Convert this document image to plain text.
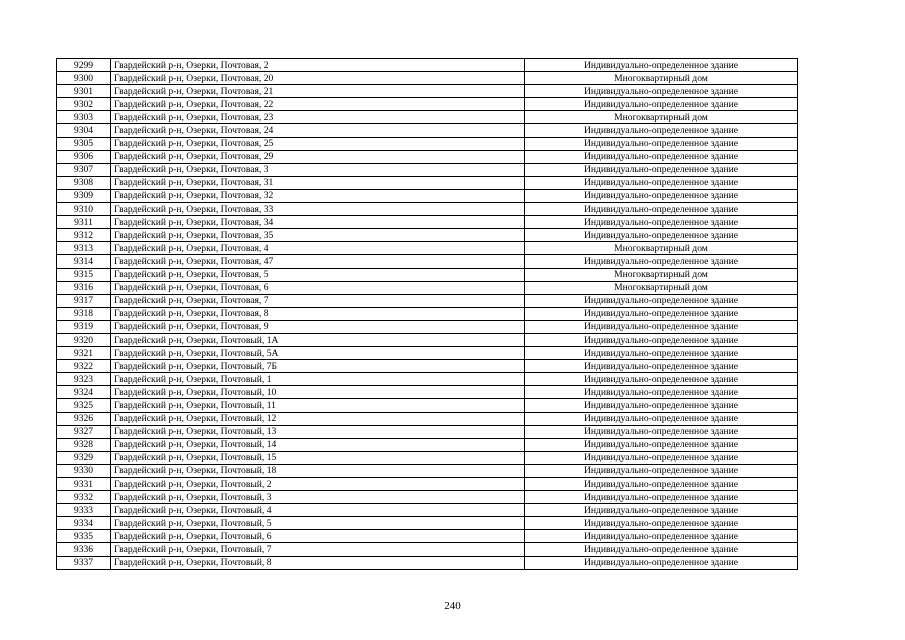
9299	Гвардейский р-н, Озерки, Почтовая, 2	Индивидуально-определенное здание
9300	Гвардейский р-н, Озерки, Почтовая, 20	Многоквартирный дом
9301	Гвардейский р-н, Озерки, Почтовая, 21	Индивидуально-определенное здание
9302	Гвардейский р-н, Озерки, Почтовая, 22	Индивидуально-определенное здание
9303	Гвардейский р-н, Озерки, Почтовая, 23	Многоквартирный дом
9304	Гвардейский р-н, Озерки, Почтовая, 24	Индивидуально-определенное здание
9305	Гвардейский р-н, Озерки, Почтовая, 25	Индивидуально-определенное здание
9306	Гвардейский р-н, Озерки, Почтовая, 29	Индивидуально-определенное здание
9307	Гвардейский р-н, Озерки, Почтовая, 3	Индивидуально-определенное здание
9308	Гвардейский р-н, Озерки, Почтовая, 31	Индивидуально-определенное здание
9309	Гвардейский р-н, Озерки, Почтовая, 32	Индивидуально-определенное здание
9310	Гвардейский р-н, Озерки, Почтовая, 33	Индивидуально-определенное здание
9311	Гвардейский р-н, Озерки, Почтовая, 34	Индивидуально-определенное здание
9312	Гвардейский р-н, Озерки, Почтовая, 35	Индивидуально-определенное здание
9313	Гвардейский р-н, Озерки, Почтовая, 4	Многоквартирный дом
9314	Гвардейский р-н, Озерки, Почтовая, 47	Индивидуально-определенное здание
9315	Гвардейский р-н, Озерки, Почтовая, 5	Многоквартирный дом
9316	Гвардейский р-н, Озерки, Почтовая, 6	Многоквартирный дом
9317	Гвардейский р-н, Озерки, Почтовая, 7	Индивидуально-определенное здание
9318	Гвардейский р-н, Озерки, Почтовая, 8	Индивидуально-определенное здание
9319	Гвардейский р-н, Озерки, Почтовая, 9	Индивидуально-определенное здание
9320	Гвардейский р-н, Озерки, Почтовый, 1А	Индивидуально-определенное здание
9321	Гвардейский р-н, Озерки, Почтовый, 5А	Индивидуально-определенное здание
9322	Гвардейский р-н, Озерки, Почтовый, 7Б	Индивидуально-определенное здание
9323	Гвардейский р-н, Озерки, Почтовый, 1	Индивидуально-определенное здание
9324	Гвардейский р-н, Озерки, Почтовый, 10	Индивидуально-определенное здание
9325	Гвардейский р-н, Озерки, Почтовый, 11	Индивидуально-определенное здание
9326	Гвардейский р-н, Озерки, Почтовый, 12	Индивидуально-определенное здание
9327	Гвардейский р-н, Озерки, Почтовый, 13	Индивидуально-определенное здание
9328	Гвардейский р-н, Озерки, Почтовый, 14	Индивидуально-определенное здание
9329	Гвардейский р-н, Озерки, Почтовый, 15	Индивидуально-определенное здание
9330	Гвардейский р-н, Озерки, Почтовый, 18	Индивидуально-определенное здание
9331	Гвардейский р-н, Озерки, Почтовый, 2	Индивидуально-определенное здание
9332	Гвардейский р-н, Озерки, Почтовый, 3	Индивидуально-определенное здание
9333	Гвардейский р-н, Озерки, Почтовый, 4	Индивидуально-определенное здание
9334	Гвардейский р-н, Озерки, Почтовый, 5	Индивидуально-определенное здание
9335	Гвардейский р-н, Озерки, Почтовый, 6	Индивидуально-определенное здание
9336	Гвардейский р-н, Озерки, Почтовый, 7	Индивидуально-определенное здание
9337	Гвардейский р-н, Озерки, Почтовый, 8	Индивидуально-определенное здание
240
